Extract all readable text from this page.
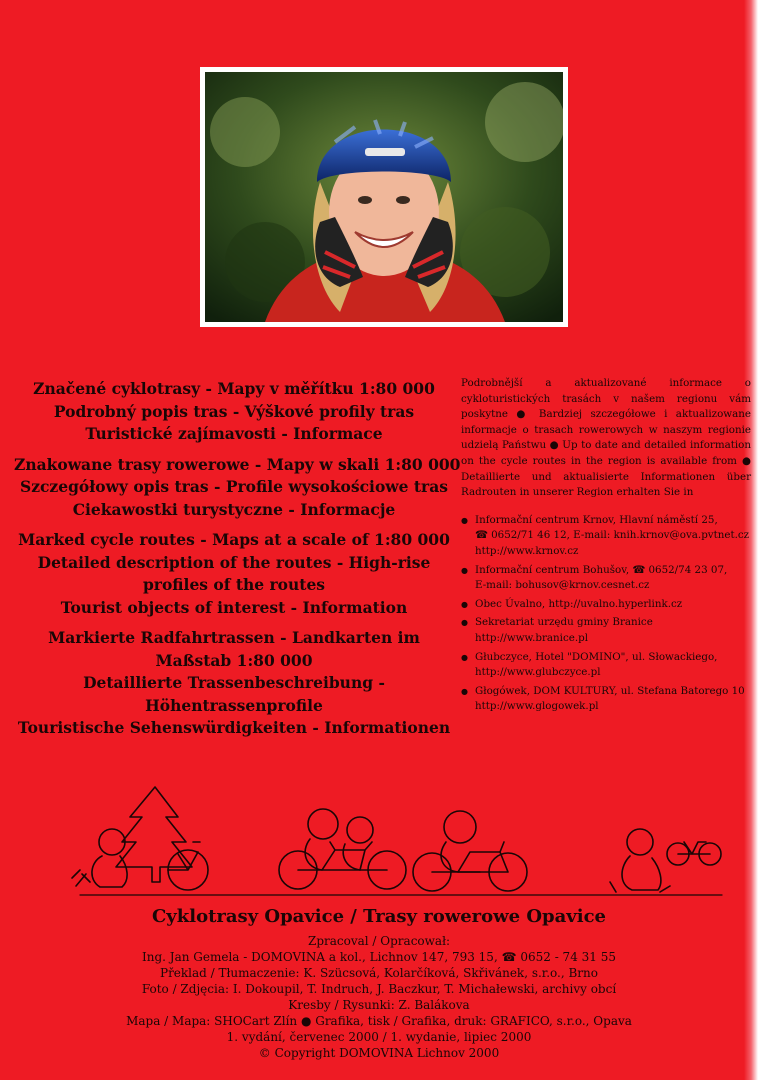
Značené cyklotrasy - Mapy v měřítku 1:80 000
Podrobný popis tras - Výškové profily tras
Turistické zajímavosti - Informace
Znakowane trasy rowerowe - Mapy w skali 1:80 000
Szczegółowy opis tras - Profile wysokościowe tras
Ciekawostki turystyczne - Informacje
Marked cycle routes - Maps at a scale of 1:80 000
Detailed description of the routes - High-rise
profiles of the routes
Tourist objects of interest - Information
Markierte Radfahrtrassen - Landkarten im
Maßstab 1:80 000
Detaillierte Trassenbeschreibung -
Höhentrassenprofile
Touristische Sehenswürdigkeiten - Informationen

Podrobnější a aktualizované informace o cykloturistických trasách v našem regionu vám poskytne ● Bardziej szczegółowe i aktualizowane informacje o trasach rowerowych w naszym regionie udzielą Państwu ● Up to date and detailed information on the cycle routes in the region is available from ● Detaillierte und aktualisierte Informationen über Radrouten in unserer Region erhalten Sie in

● Informační centrum Krnov, Hlavní náměstí 25,
☎ 0652/71 46 12, E-mail: knih.krnov@ova.pvtnet.cz
http://www.krnov.cz
● Informační centrum Bohušov, ☎ 0652/74 23 07,
E-mail: bohusov@krnov.cesnet.cz
● Obec Úvalno, http://uvalno.hyperlink.cz
● Sekretariat urzędu gminy Branice
http://www.branice.pl
● Głubczyce, Hotel "DOMINO", ul. Słowackiego,
http://www.glubczyce.pl
● Głogówek, DOM KULTURY, ul. Stefana Batorego 10
http://www.glogowek.pl
Cyklotrasy Opavice / Trasy rowerowe Opavice
Zpracoval / Opracował:
Ing. Jan Gemela - DOMOVINA a kol., Lichnov 147, 793 15, ☎ 0652 - 74 31 55
Překlad / Tłumaczenie: K. Szücsová, Kolarčíková, Skřivánek, s.r.o., Brno
Foto / Zdjęcia: I. Dokoupil, T. Indruch, J. Baczkur, T. Michałewski, archivy obcí
Kresby / Rysunki: Z. Balákova
Mapa / Mapa: SHOCart Zlín ● Grafika, tisk / Grafika, druk: GRAFICO, s.r.o., Opava
1. vydání, červenec 2000 / 1. wydanie, lipiec 2000
© Copyright DOMOVINA Lichnov 2000
